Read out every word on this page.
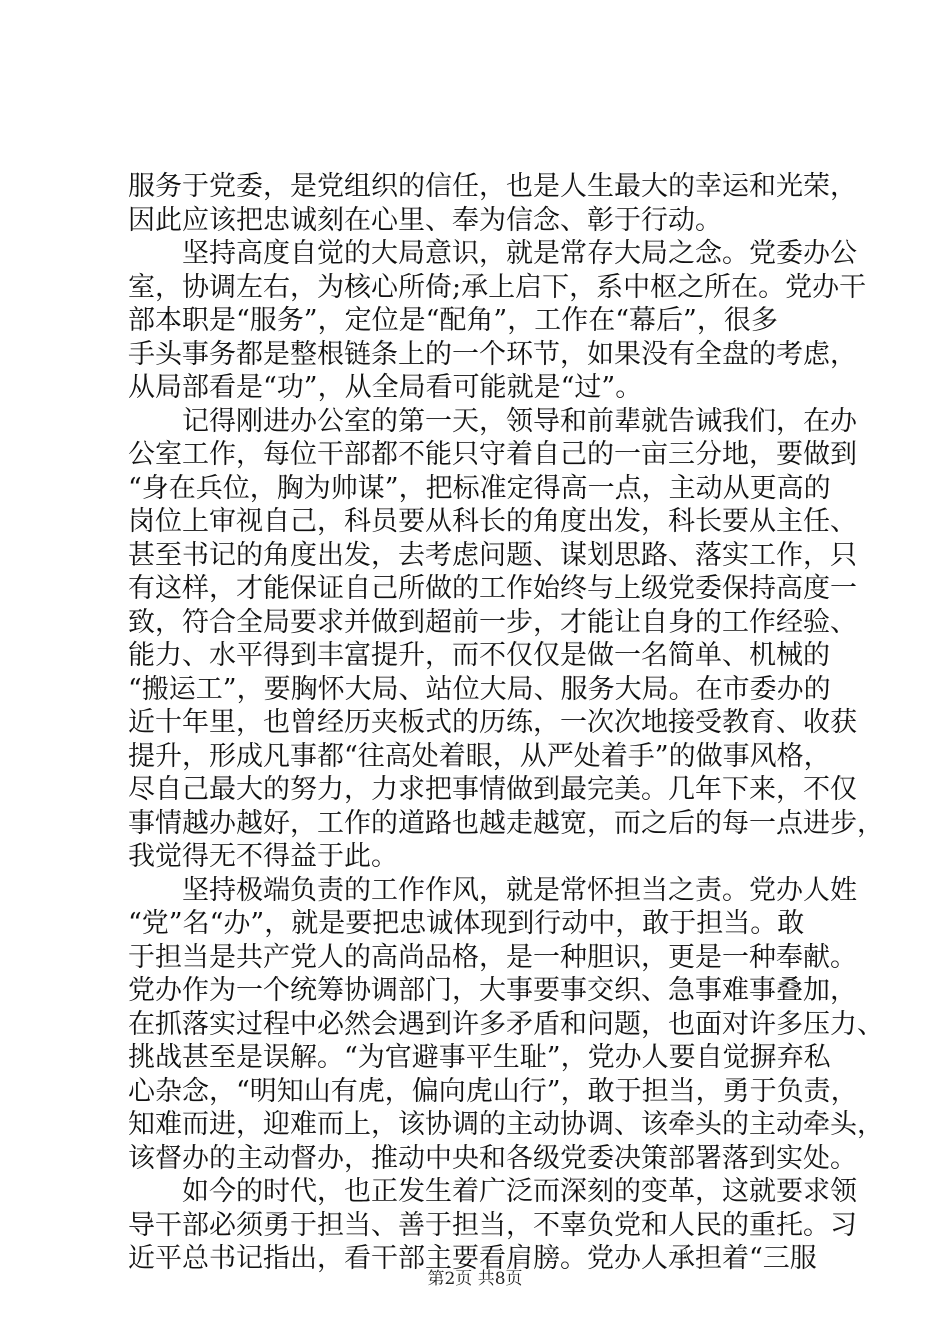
服务于党委，是党组织的信任，也是人生最大的幸运和光荣，
因此应该把忠诚刻在心里、奉为信念、彰于行动。
坚持高度自觉的大局意识，就是常存大局之念。党委办公
室，协调左右，为核心所倚;承上启下，系中枢之所在。党办干
部本职是“服务”，定位是“配角”，工作在“幕后”，很多
手头事务都是整根链条上的一个环节，如果没有全盘的考虑，
从局部看是“功”，从全局看可能就是“过”。
记得刚进办公室的第一天，领导和前辈就告诫我们，在办
公室工作，每位干部都不能只守着自己的一亩三分地，要做到
“身在兵位，胸为帅谋”，把标准定得高一点，主动从更高的
岗位上审视自己，科员要从科长的角度出发，科长要从主任、
甚至书记的角度出发，去考虑问题、谋划思路、落实工作，只
有这样，才能保证自己所做的工作始终与上级党委保持高度一
致，符合全局要求并做到超前一步，才能让自身的工作经验、
能力、水平得到丰富提升，而不仅仅是做一名简单、机械的
“搬运工”，要胸怀大局、站位大局、服务大局。在市委办的
近十年里，也曾经历夹板式的历练，一次次地接受教育、收获
提升，形成凡事都“往高处着眼，从严处着手”的做事风格，
尽自己最大的努力，力求把事情做到最完美。几年下来，不仅
事情越办越好，工作的道路也越走越宽，而之后的每一点进步，
我觉得无不得益于此。
坚持极端负责的工作作风，就是常怀担当之责。党办人姓
“党”名“办”，就是要把忠诚体现到行动中，敢于担当。敢
于担当是共产党人的高尚品格，是一种胆识，更是一种奉献。
党办作为一个统筹协调部门，大事要事交织、急事难事叠加，
在抓落实过程中必然会遇到许多矛盾和问题，也面对许多压力、
挑战甚至是误解。“为官避事平生耻”，党办人要自觉摒弃私
心杂念，“明知山有虎，偏向虎山行”，敢于担当，勇于负责，
知难而进，迎难而上，该协调的主动协调、该牵头的主动牵头，
该督办的主动督办，推动中央和各级党委决策部署落到实处。
如今的时代，也正发生着广泛而深刻的变革，这就要求领
导干部必须勇于担当、善于担当，不辜负党和人民的重托。习
近平总书记指出，看干部主要看肩膀。党办人承担着“三服
第2页 共8页
